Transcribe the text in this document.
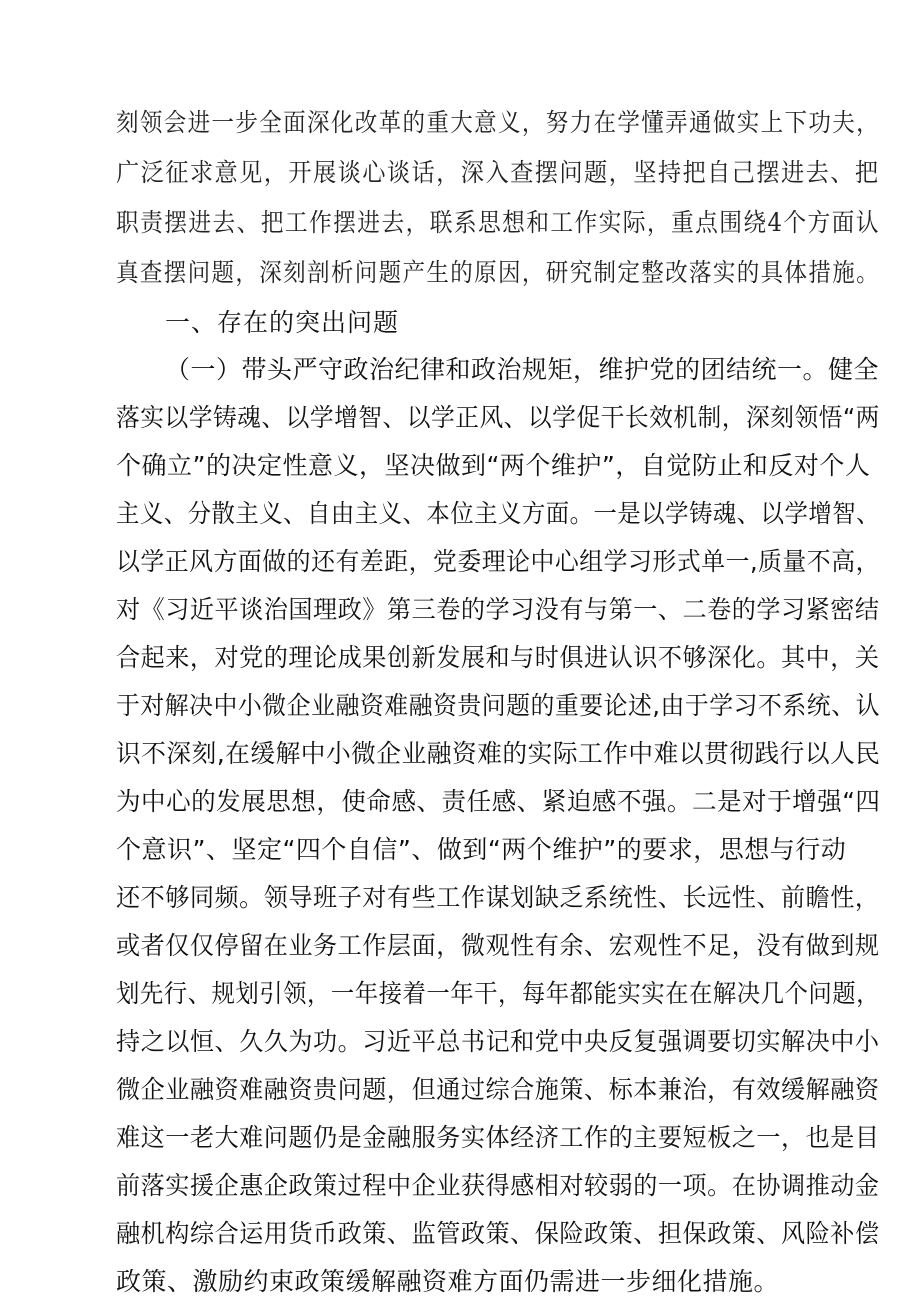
刻领会进一步全面深化改革的重大意义，努力在学懂弄通做实上下功夫，
广泛征求意见，开展谈心谈话，深入查摆问题，坚持把自己摆进去、把
职责摆进去、把工作摆进去，联系思想和工作实际，重点围绕4个方面认
真查摆问题，深刻剖析问题产生的原因，研究制定整改落实的具体措施。
一、存在的突出问题
（一）带头严守政治纪律和政治规矩，维护党的团结统一。健全
落实以学铸魂、以学增智、以学正风、以学促干长效机制，深刻领悟“两
个确立”的决定性意义，坚决做到“两个维护”，自觉防止和反对个人
主义、分散主义、自由主义、本位主义方面。一是以学铸魂、以学增智、
以学正风方面做的还有差距，党委理论中心组学习形式单一,质量不高，
对《习近平谈治国理政》第三卷的学习没有与第一、二卷的学习紧密结
合起来，对党的理论成果创新发展和与时俱进认识不够深化。其中，关
于对解决中小微企业融资难融资贵问题的重要论述,由于学习不系统、认
识不深刻,在缓解中小微企业融资难的实际工作中难以贯彻践行以人民
为中心的发展思想，使命感、责任感、紧迫感不强。二是对于增强“四
个意识”、坚定“四个自信”、做到“两个维护”的要求，思想与行动
还不够同频。领导班子对有些工作谋划缺乏系统性、长远性、前瞻性，
或者仅仅停留在业务工作层面，微观性有余、宏观性不足，没有做到规
划先行、规划引领，一年接着一年干，每年都能实实在在解决几个问题，
持之以恒、久久为功。习近平总书记和党中央反复强调要切实解决中小
微企业融资难融资贵问题，但通过综合施策、标本兼治，有效缓解融资
难这一老大难问题仍是金融服务实体经济工作的主要短板之一，也是目
前落实援企惠企政策过程中企业获得感相对较弱的一项。在协调推动金
融机构综合运用货币政策、监管政策、保险政策、担保政策、风险补偿
政策、激励约束政策缓解融资难方面仍需进一步细化措施。
